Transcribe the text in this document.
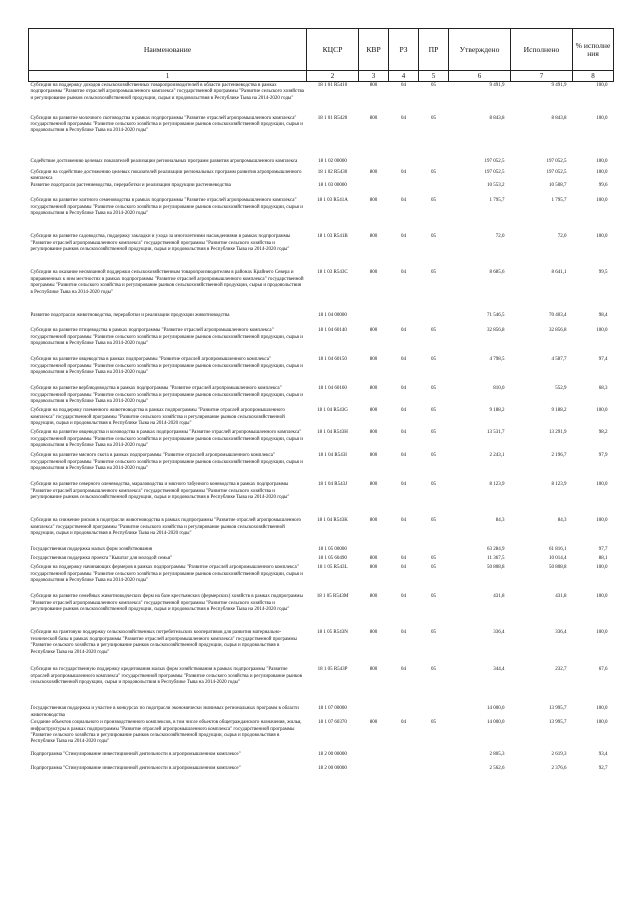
Наименование	КЦСР	КВР	РЗ	ПР	Утверждено	Исполнено	% исполне ния
1	2	3	4	5	6	7	8
Субсидии на поддержку доходов сельскохозяйственных товаропроизводителей в области растениеводства в рамках подпрограммы "Развитие отраслей агропромышленного комплекса" государственной программы "Развитие сельского хозяйства и регулирование рынков сельскохозяйственной продукции, сырья и продовольствия в Республике Тыва на 2014-2020 годы"	18 1 01 R5410	800	04	05	9 491,9	9 491,9	100,0
Субсидии на развитие молочного скотоводства в рамках подпрограммы "Развитие отраслей агропромышленного комплекса" государственной программы "Развитие сельского хозяйства и регулирование рынков сельскохозяйственной продукции, сырья и продовольствия в Республике Тыва на 2014-2020 годы"	18 1 01 R5420	800	04	05	8 843,8	8 843,8	100,0
Содействие достижению целевых показателей реализации региональных программ развития агропромышленного комплекса	18 1 02 00000				197 052,5	197 052,5	100,0
Субсидии на содействие достижению целевых показателей реализации региональных программ развития агропромышленного комплекса	18 1 02 R5430	800	04	05	197 052,5	197 052,5	100,0
Развитие подотрасли растениеводства, переработки и реализации продукции растениеводства	18 1 03 00000				10 553,2	10 508,7	99,6
Субсидии на развитие элитного семеноводства в рамках подпрограммы "Развитие отраслей агропромышленного комплекса" государственной программы "Развитие сельского хозяйства и регулирование рынков сельскохозяйственной продукции, сырья и продовольствия в Республике Тыва на 2014-2020 годы"	18 1 03 R541A	800	04	05	1 795,7	1 795,7	100,0
Субсидии на развитие садоводства, поддержку закладки и ухода за многолетними насаждениями в рамках подпрограммы "Развитие отраслей агропромышленного комплекса" государственной программы "Развитие сельского хозяйства и регулирование рынков сельскохозяйственной продукции, сырья и продовольствия в Республике Тыва на 2014-2020 годы"	18 1 03 R541B	800	04	05	72,0	72,0	100,0
Субсидии на оказание несвязанной поддержки сельскохозяйственным товаропроизводителям в районах Крайнего Севера и приравненных к ним местностях в рамках подпрограммы "Развитие отраслей агропромышленного комплекса" государственной программы "Развитие сельского хозяйства и регулирование рынков сельскохозяйственной продукции, сырья и продовольствия в Республике Тыва на 2014-2020 годы"	18 1 03 R543C	800	04	05	8 685,6	8 641,1	99,5
Развитие подотрасли животноводства, переработки и реализации продукции животноводства	18 1 04 00000				71 546,5	70 403,4	98,4
Субсидии на развитие птицеводства в рамках подпрограммы "Развитие отраслей агропромышленного комплекса" государственной программы "Развитие сельского хозяйства и регулирование рынков сельскохозяйственной продукции, сырья и продовольствия в Республике Тыва на 2014-2020 годы"	18 1 04 60140	800	04	05	32 856,8	32 856,8	100,0
Субсидии на развитие овцеводства в рамках подпрограммы "Развитие отраслей агропромышленного комплекса" государственной программы "Развитие сельского хозяйства и регулирование рынков сельскохозяйственной продукции, сырья и продовольствия в Республике Тыва на 2014-2020 годы"	18 1 04 60150	800	04	05	4 798,5	4 587,7	97,4
Субсидии на развитие верблюдоводства в рамках подпрограммы "Развитие отраслей агропромышленного комплекса" государственной программы "Развитие сельского хозяйства и регулирование рынков сельскохозяйственной продукции, сырья и продовольствия в Республике Тыва на 2014-2020 годы"	18 1 04 60160	800	04	05	810,0	552,9	68,3
Субсидии на поддержку племенного животноводства в рамках подпрограммы "Развитие отраслей агропромышленного комплекса" государственной программы "Развитие сельского хозяйства и регулирование рынков сельскохозяйственной продукции, сырья и продовольствия в Республике Тыва на 2014-2020 годы"	18 1 04 R543G	800	04	05	9 188,2	9 188,2	100,0
Субсидии на развитие овцеводства и козоводства в рамках подпрограммы "Развитие отраслей агропромышленного комплекса" государственной программы "Развитие сельского хозяйства и регулирование рынков сельскохозяйственной продукции, сырья и продовольствия в Республике Тыва на 2014-2020 годы"	18 1 04 R543H	800	04	05	13 531,7	13 291,9	98,2
Субсидии на развитие мясного скота в рамках подпрограммы "Развитие отраслей агропромышленного комплекса" государственной программы "Развитие сельского хозяйства и регулирование рынков сельскохозяйственной продукции, сырья и продовольствия в Республике Тыва на 2014-2020 годы"	18 1 04 R543I	800	04	05	2 243,1	2 196,7	97,9
Субсидии на развитие северного оленеводства, мараловодства и мясного табунного коневодства в рамках подпрограммы "Развитие отраслей агропромышленного комплекса" государственной программы "Развитие сельского хозяйства и регулирование рынков сельскохозяйственной продукции, сырья и продовольствия в Республике Тыва на 2014-2020 годы"	18 1 04 R543J	800	04	05	8 123,9	8 123,9	100,0
Субсидии на снижение рисков в подотрасли животноводства в рамках подпрограммы "Развитие отраслей агропромышленного комплекса" государственной программы "Развитие сельского хозяйства и регулирование рынков сельскохозяйственной продукции, сырья и продовольствия в Республике Тыва на 2014-2020 годы"	18 1 04 R543K	800	04	05	84,3	84,3	100,0
Государственная поддержка малых форм хозяйствования	18 1 05 00000				63 284,9	61 816,1	97,7
Государственная поддержка проекта "Кыштаг для молодой семьи"	18 1 05 60490	800	04	05	11 367,5	10 014,4	88,1
Субсидии на поддержку начинающих фермеров в рамках подпрограммы "Развитие отраслей агропромышленного комплекса" государственной программы "Развитие сельского хозяйства и регулирование рынков сельскохозяйственной продукции, сырья и продовольствия в Республике Тыва на 2014-2020 годы"	18 1 05 R543L	800	04	05	50 808,8	50 808,8	100,0
Субсидии на развитие семейных животноводческих ферм на базе крестьянских (фермерских) хозяйств в рамках подпрограммы "Развитие отраслей агропромышленного комплекса" государственной программы "Развитие сельского хозяйства и регулирование рынков сельскохозяйственной продукции, сырья и продовольствия в Республике Тыва на 2014-2020 годы"	18 1 05 R543M	800	04	05	431,8	431,8	100,0
Субсидии на грантовую поддержку сельскохозяйственных потребительских кооперативов для развития материально-технической базы в рамках подпрограммы "Развитие отраслей агропромышленного комплекса" государственной программы "Развитие сельского хозяйства и регулирование рынков сельскохозяйственной продукции, сырья и продовольствия в Республике Тыва на 2014-2020 годы"	18 1 05 R543N	800	04	05	336,4	336,4	100,0
Субсидии на государственную поддержку кредитования малых форм хозяйствования в рамках подпрограммы "Развитие отраслей агропромышленного комплекса" государственной программы "Развитие сельского хозяйства и регулирование рынков сельскохозяйственной продукции, сырья и продовольствия в Республике Тыва на 2014-2020 годы"	18 1 05 R543P	800	04	05	344,4	232,7	67,6
Государственная поддержка и участие в конкурсах по подотрасли экономически значимых региональных программ в области животноводства	18 1 07 00000				14 000,0	13 995,7	100,0
Создание объектов социального и производственного комплексов, в том числе объектов общегражданского назначения, жилья, инфраструктуры в рамках подпрограммы "Развитие отраслей агропромышленного комплекса" государственной программы "Развитие сельского хозяйства и регулирование рынков сельскохозяйственной продукции, сырья и продовольствия в Республике Тыва на 2014-2020 годы"	18 1 07 60370	800	04	05	14 000,0	13 995,7	100,0
Подпрограмма "Стимулирование инвестиционной деятельности в агропромышленном комплексе"	18 2 00 00000				2 805,3	2 619,3	93,4
Подпрограмма "Стимулирование инвестиционной деятельности в агропромышленном комплексе"	18 2 00 00000				2 562,6	2 376,6	92,7
